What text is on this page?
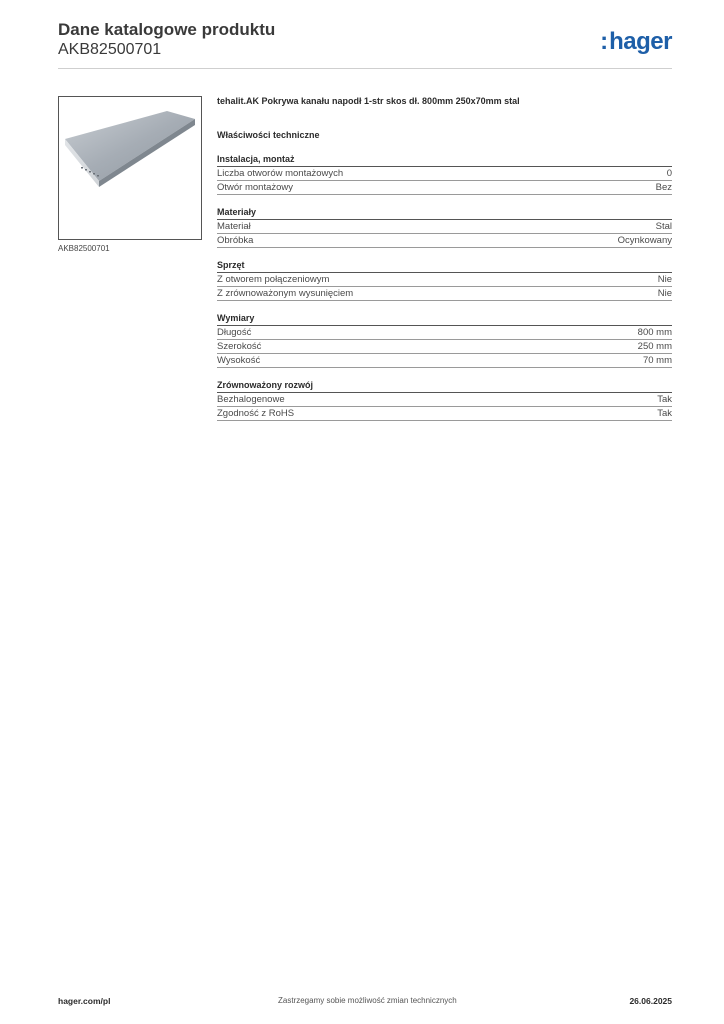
Dane katalogowe produktu
AKB82500701	:hager
AKB82500701
tehalit.AK Pokrywa kanału napodł 1-str skos dł. 800mm 250x70mm stal
Właściwości techniczne
Instalacja, montaż
Liczba otworów montażowych	0
Otwór montażowy	Bez
Materiały
Materiał	Stal
Obróbka	Ocynkowany
Sprzęt
Z otworem połączeniowym	Nie
Z zrównoważonym wysunięciem	Nie
Wymiary
Długość	800 mm
Szerokość	250 mm
Wysokość	70 mm
Zrównoważony rozwój
Bezhalogenowe	Tak
Zgodność z RoHS	Tak
hager.com/pl	Zastrzegamy sobie możliwość zmian technicznych	26.06.2025
